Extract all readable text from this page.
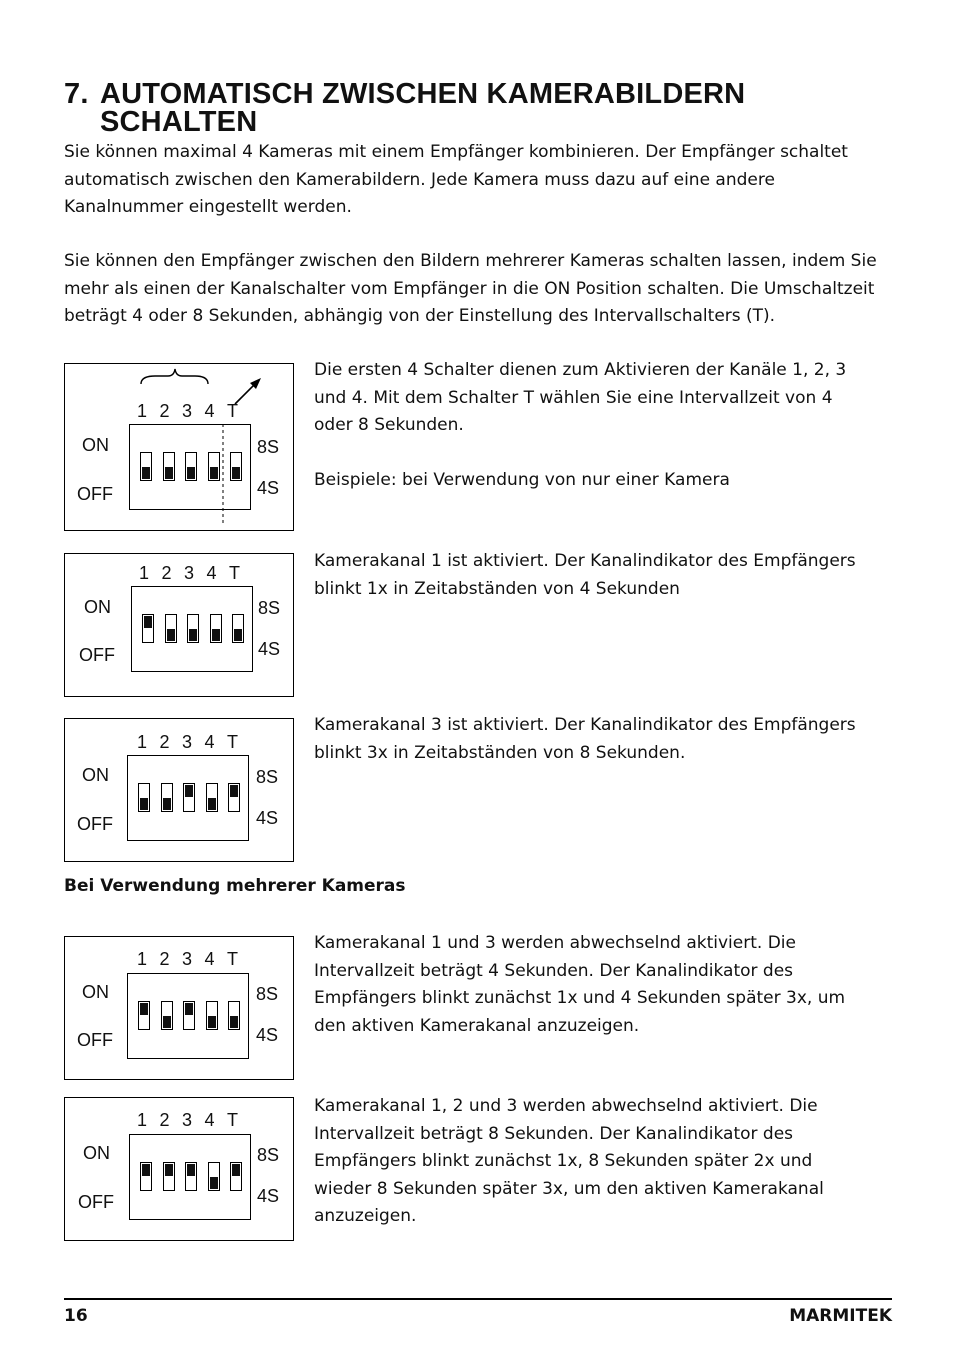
7. AUTOMATISCH ZWISCHEN KAMERABILDERN
SCHALTEN
Sie können maximal 4 Kameras mit einem Empfänger kombinieren. Der Empfänger schaltet
automatisch zwischen den Kamerabildern. Jede Kamera muss dazu auf eine andere
Kanalnummer eingestellt werden.
Sie können den Empfänger zwischen den Bildern mehrerer Kameras schalten lassen, indem Sie
mehr als einen der Kanalschalter vom Empfänger in die ON Position schalten. Die Umschaltzeit
beträgt 4 oder 8 Sekunden, abhängig von der Einstellung des Intervallschalters (T).
1 2 3 4 T
ON
OFF
8S
4S
Die ersten 4 Schalter dienen zum Aktivieren der Kanäle 1, 2, 3
und 4. Mit dem Schalter T wählen Sie eine Intervallzeit von 4
oder 8 Sekunden.

Beispiele: bei Verwendung von nur einer Kamera
1 2 3 4 T
ON
OFF
8S
4S
Kamerakanal 1 ist aktiviert. Der Kanalindikator des Empfängers
blinkt 1x in Zeitabständen von 4 Sekunden
1 2 3 4 T
ON
OFF
8S
4S
Kamerakanal 3 ist aktiviert. Der Kanalindikator des Empfängers
blinkt 3x in Zeitabständen von 8 Sekunden.
Bei Verwendung mehrerer Kameras
1 2 3 4 T
ON
OFF
8S
4S
Kamerakanal 1 und 3 werden abwechselnd aktiviert. Die
Intervallzeit beträgt 4 Sekunden. Der Kanalindikator des
Empfängers blinkt zunächst 1x und 4 Sekunden später 3x, um
den aktiven Kamerakanal anzuzeigen.
1 2 3 4 T
ON
OFF
8S
4S
Kamerakanal 1, 2 und 3 werden abwechselnd aktiviert. Die
Intervallzeit beträgt 8 Sekunden. Der Kanalindikator des
Empfängers blinkt zunächst 1x, 8 Sekunden später 2x und
wieder 8 Sekunden später 3x, um den aktiven Kamerakanal
anzuzeigen.
16	MARMITEK
